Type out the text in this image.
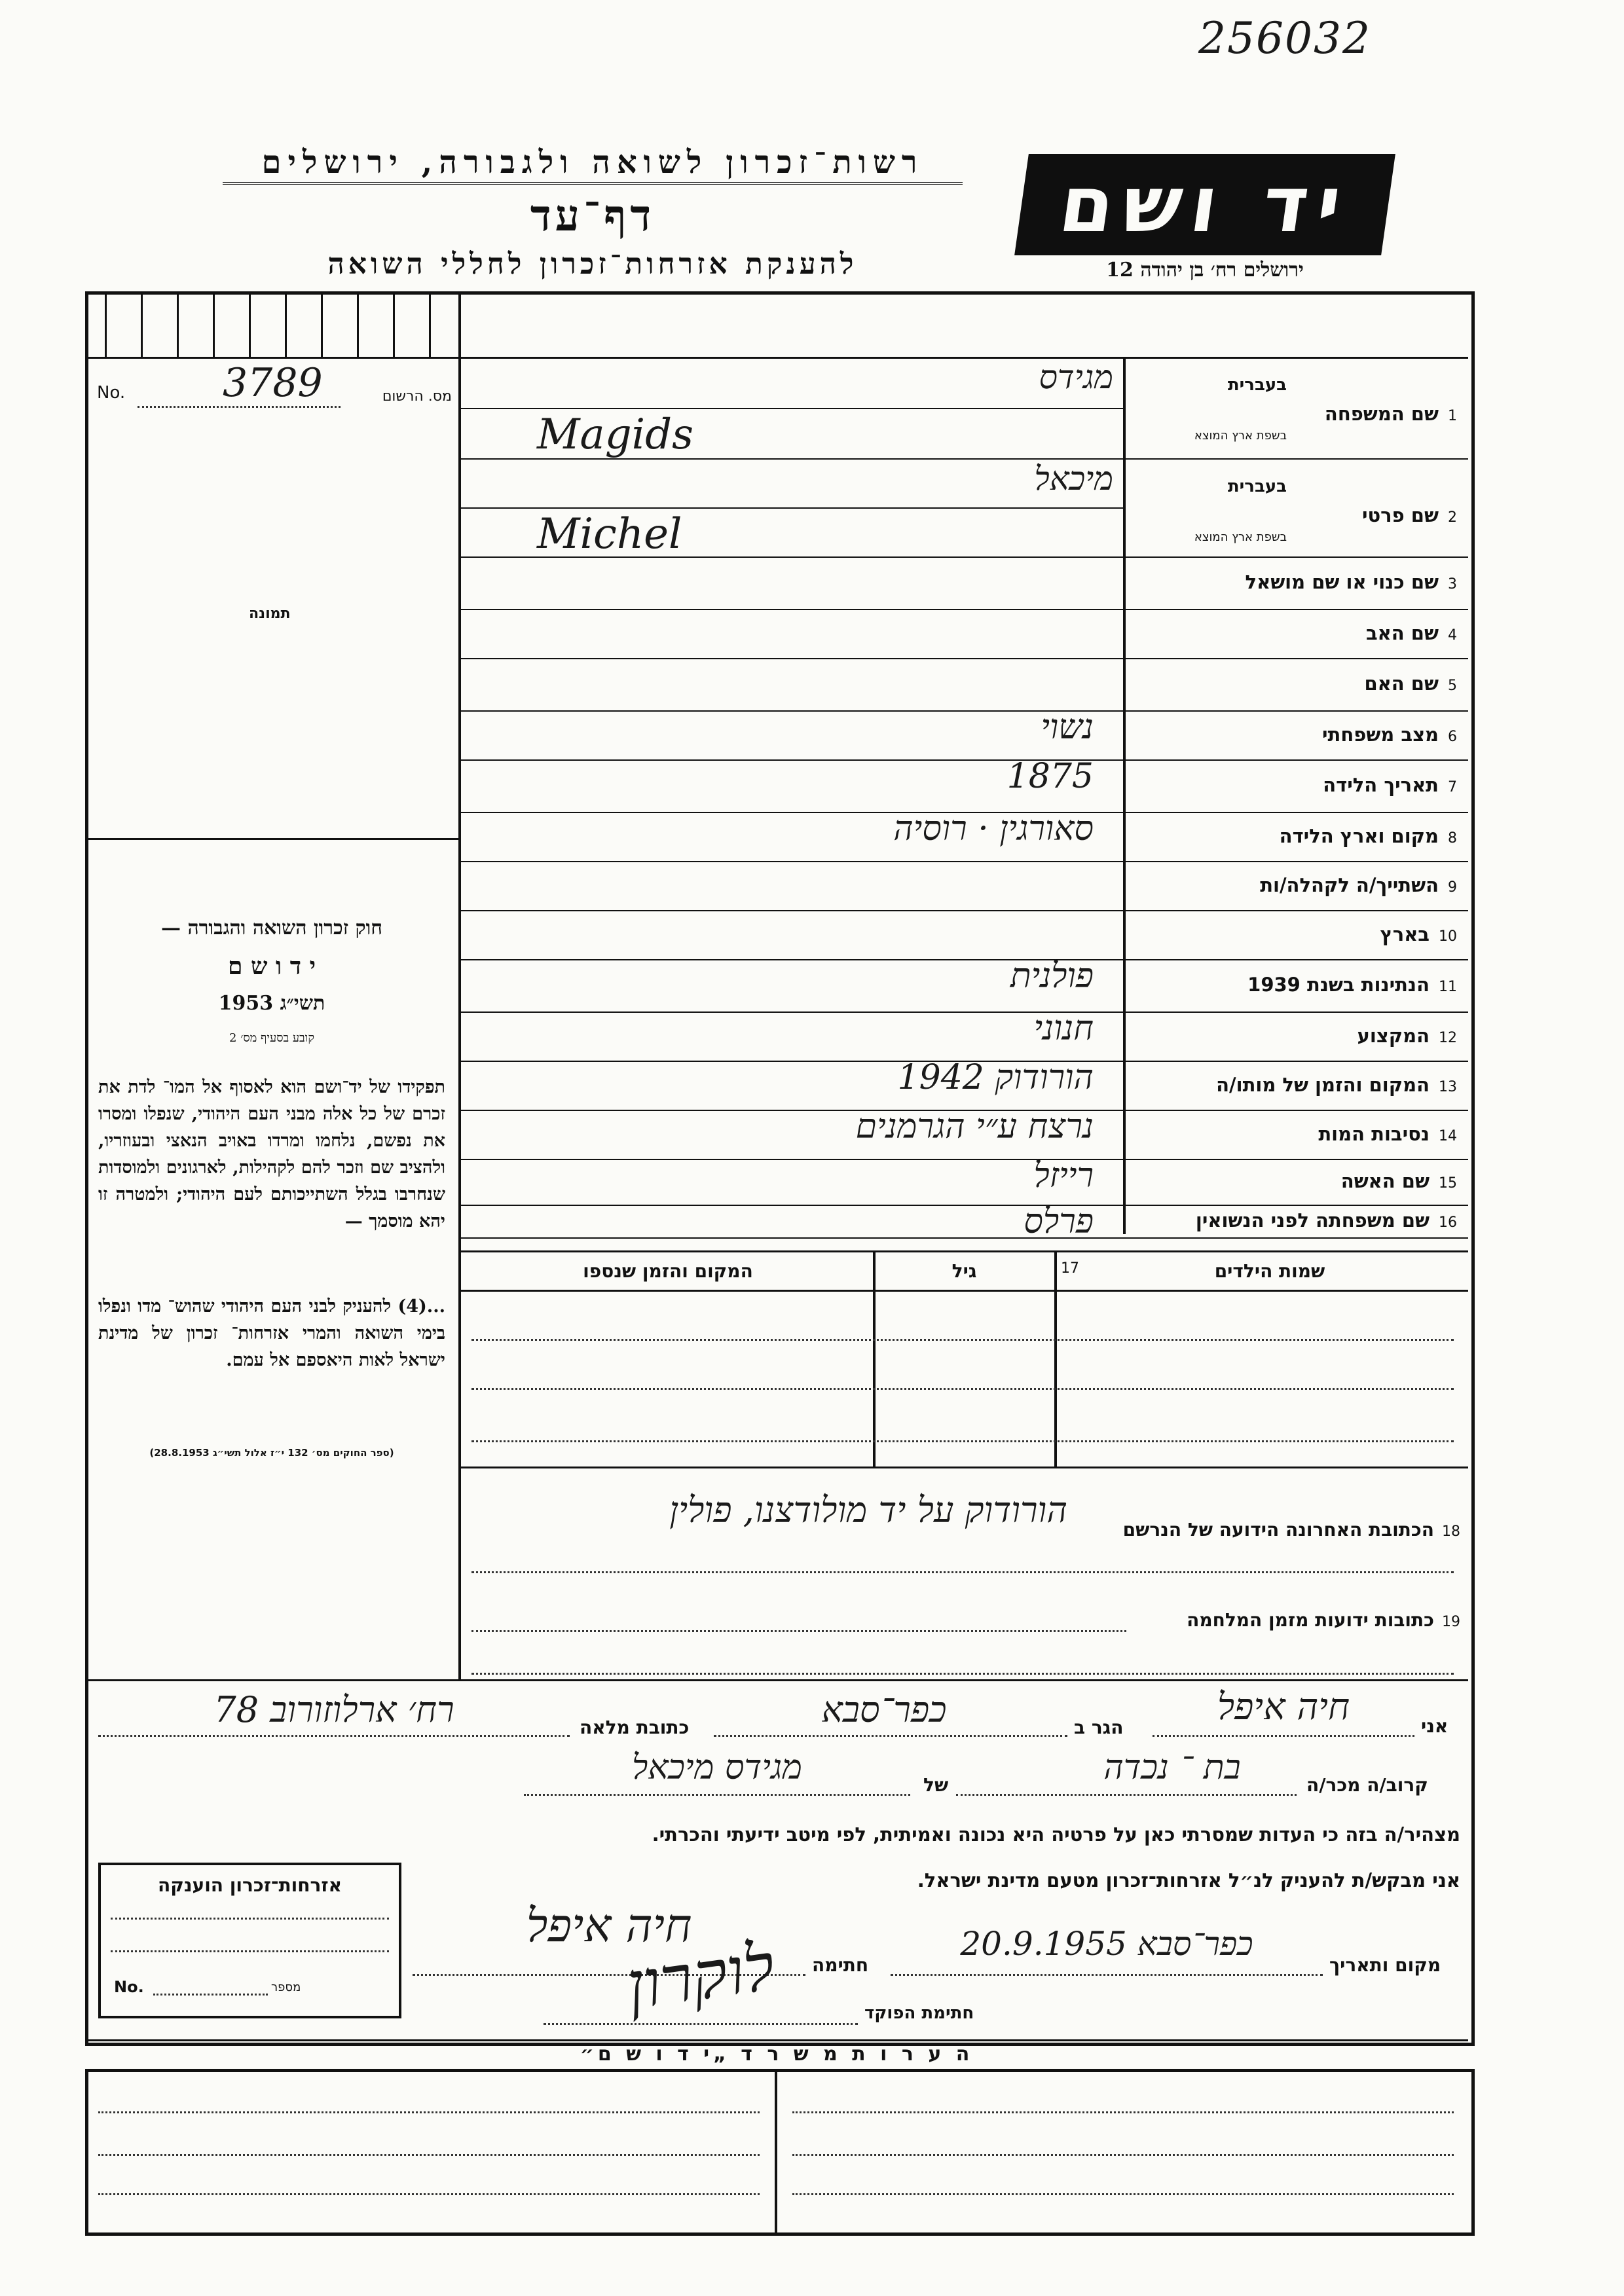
256032
רשות־זכרון לשואה ולגבורה, ירושלים
דף־עד
להענקת אזרחות־זכרון לחללי השואה
יד ושם
ירושלים רח׳ בן יהודה 12
No. 3789	מס. הרשום
תמונה
חוק זכרון השואה והגבורה —
י ד ו ש ם
תשי״ג 1953
קובע בסעיף מס׳ 2
תפקידו של יד־ושם הוא לאסוף אל המו־ לדת את זכרם של כל אלה מבני העם היהודי, שנפלו ומסרו את נפשם, נלחמו ומרדו באויב הנאצי ובעוזריו, ולהציב שם וזכר להם לקהילות, לארגונים ולמוסדות שנחרבו בגלל השתייכותם לעם היהודי; ולמטרה זו יהא מוסמך —
...(4) להעניק לבני העם היהודי שהוש־ מדו ונפלו בימי השואה והמרי אזרחות־ זכרון של מדינת ישראל לאות היאספם אל עמם.
(ספר החוקים מס׳ 132 י״ז אלול תשי״ג 28.8.1953)
1שם המשפחה
בעברית
בשפת ארץ המוצא
מגידס
Magids
2שם פרטי
בעברית
בשפת ארץ המוצא
מיכאל
Michel
3שם כנוי או שם מושאל
4שם האב
5שם האם
6מצב משפחתי
נשוי
7תאריך הלידה
1875
8מקום וארץ הלידה
סאורגין · רוסיה
9השתייך/ה לקהלה/ות
10בארץ
11הנתינות בשנת 1939
פולנית
12המקצוע
חנוני
13המקום והזמן של מותו/ה
הורודוק 1942
14נסיבות המות
נרצח ע״י הגרמנים
15שם האשה
רייזל
16שם משפחתה לפני הנשואין
פרלס
שמות הילדים
17
גיל
המקום והזמן שנספו
הורודוק על יד מולודצנו, פולין
18הכתובת האחרונה הידועה של הנרשם
19כתובות ידועות מזמן המלחמה
אני
חיה איפל
הגר ב
כפר־סבא
כתובת מלאה
רח׳ ארלוזורוב 78
קרוב/ה מכר/ה
בת ־ נכדה
של
מגידס מיכאל
מצהיר/ה בזה כי העדות שמסרתי כאן על פרטיה היא נכונה ואמיתית, לפי מיטב ידיעתי והכרתי.
אני מבקש/ת להעניק לנ״ל אזרחות־זכרון מטעם מדינת ישראל.
מקום ותאריך
כפר־סבא 20.9.1955
חתימה
חיה איפל
חתימת הפוקד
לוקרון
אזרחות־זכרון הוענקה
No.	מספר
ה ע ר ו ת מ ש ר ד „י ד ו ש ם״
